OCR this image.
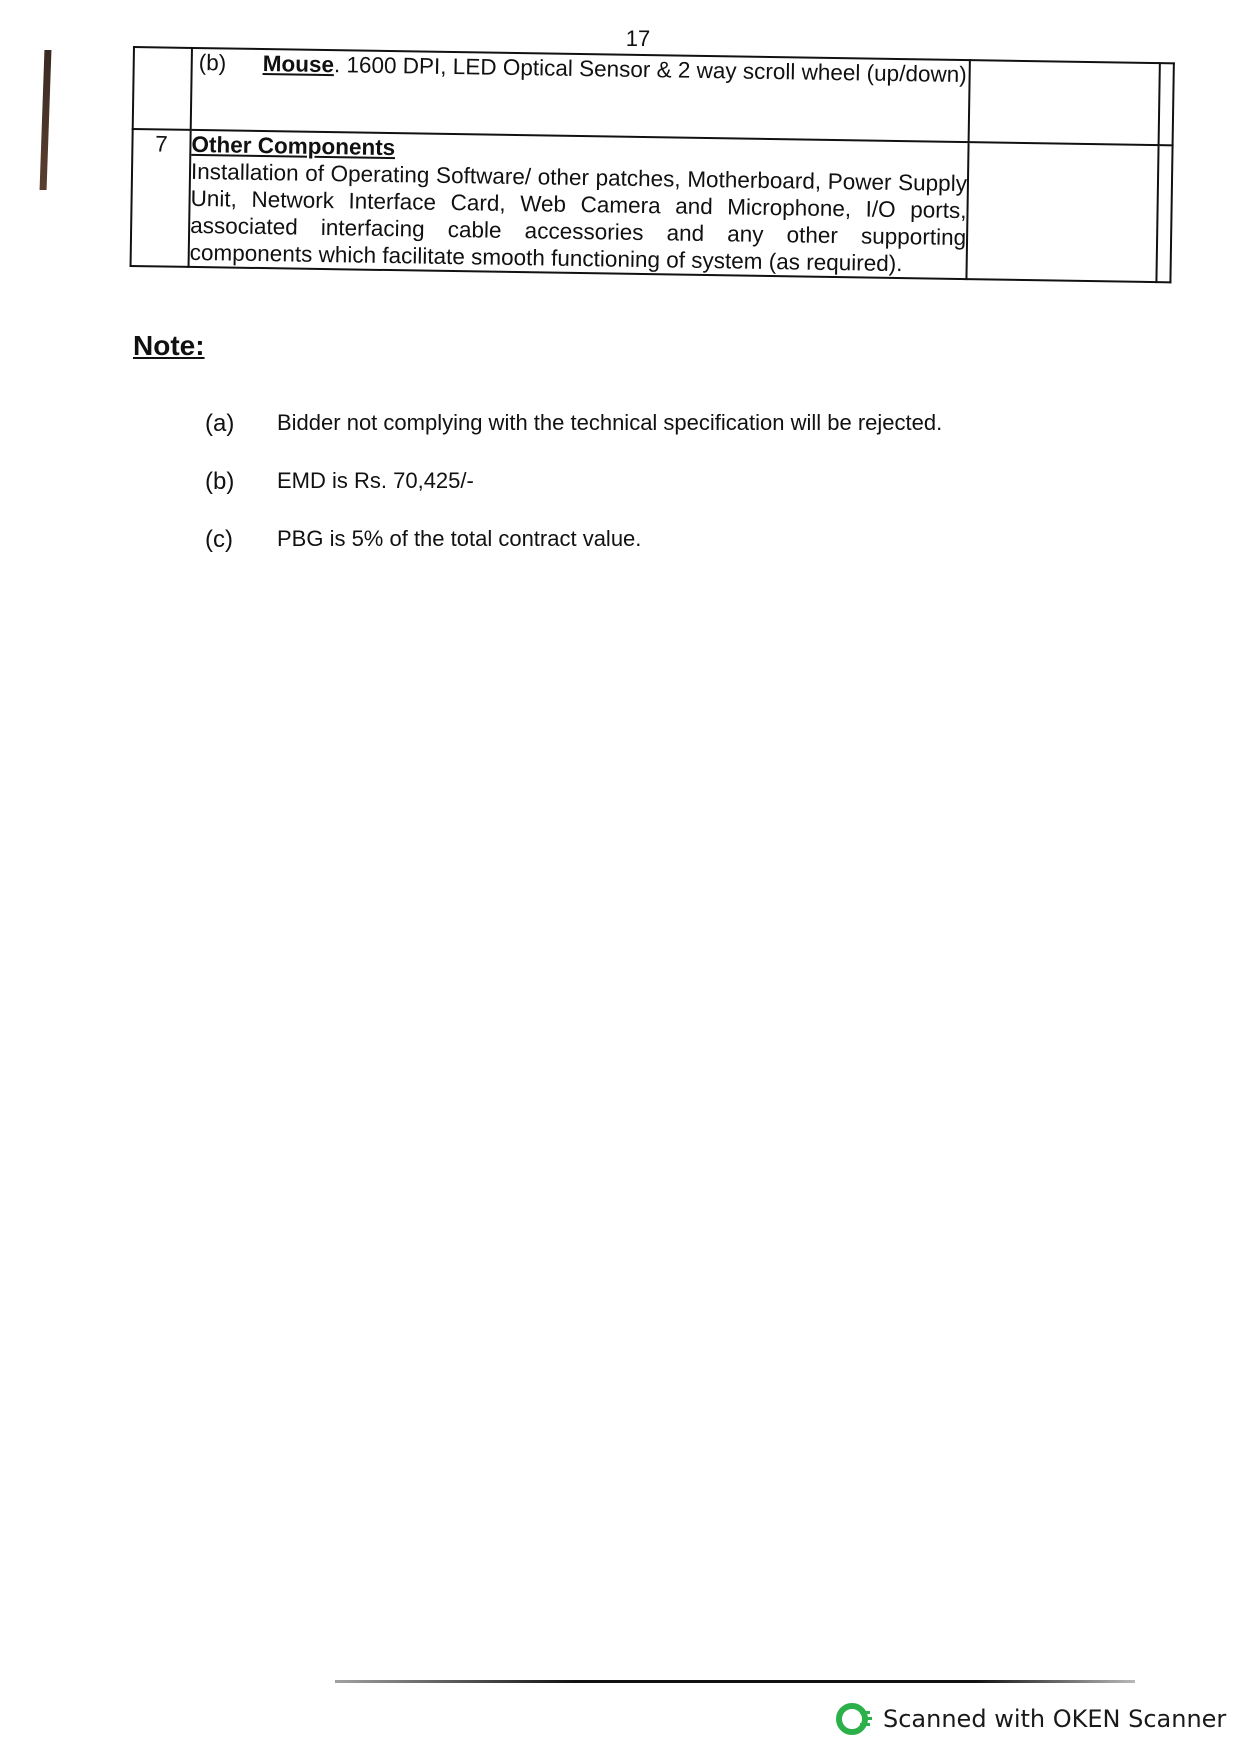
17

	(b) Mouse. 1600 DPI, LED Optical Sensor & 2 way scroll wheel (up/down)		

7	Other Components
Installation of Operating Software/ other patches, Motherboard, Power Supply Unit, Network Interface Card, Web Camera and Microphone, I/O ports, associated interfacing cable accessories and any other supporting components which facilitate smooth functioning of system (as required).		

Note:
(a)	Bidder not complying with the technical specification will be rejected.
(b)	EMD is Rs. 70,425/-
(c)	PBG is 5% of the total contract value.
Scanned with OKEN Scanner
